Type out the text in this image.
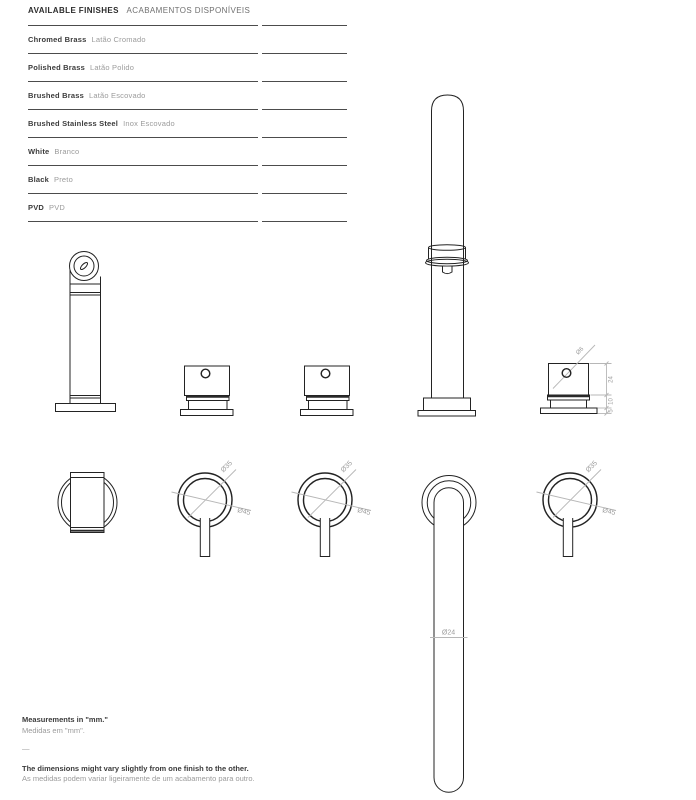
Ø6
24
10
5
Ø35
Ø45
Ø35
Ø45
Ø24
Ø35
Ø45

AVAILABLE FINISHES ACABAMENTOS DISPONÍVEIS

Chromed Brass Latão Cromado
Polished Brass Latão Polido
Brushed Brass Latão Escovado
Brushed Stainless Steel Inox Escovado
White Branco
Black Preto
PVD PVD
Measurements in "mm."
Medidas em "mm".
—
The dimensions might vary slightly from one finish to the other.
As medidas podem variar ligeiramente de um acabamento para outro.
